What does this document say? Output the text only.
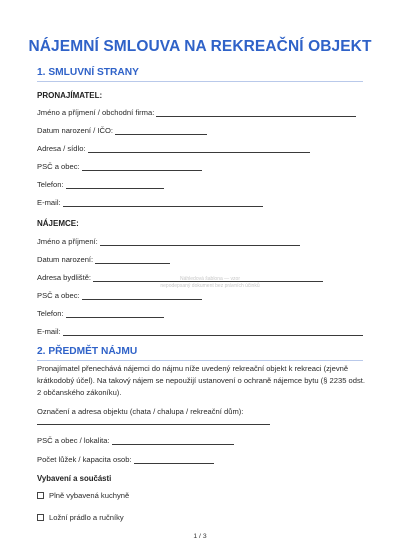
NÁJEMNÍ SMLOUVA NA REKREAČNÍ OBJEKT
1. SMLUVNÍ STRANY
PRONAJÍMATEL:
Jméno a příjmení / obchodní firma:
Datum narození / IČO:
Adresa / sídlo:
PSČ a obec:
Telefon:
E-mail:
NÁJEMCE:
Jméno a příjmení:
Datum narození:
Adresa bydliště:
PSČ a obec:
Telefon:
E-mail:
Náhledová šablona — vzor
nepodepsaný dokument bez právních účinků
2. PŘEDMĚT NÁJMU
Pronajímatel přenechává nájemci do nájmu níže uvedený rekreační objekt k rekreaci (zjevně krátkodobý účel). Na takový nájem se nepoužijí ustanovení o ochraně nájemce bytu (§ 2235 odst. 2 občanského zákoníku).
Označení a adresa objektu (chata / chalupa / rekreační dům):
PSČ a obec / lokalita:
Počet lůžek / kapacita osob:
Vybavení a součásti
Plně vybavená kuchyně
Ložní prádlo a ručníky
1 / 3
